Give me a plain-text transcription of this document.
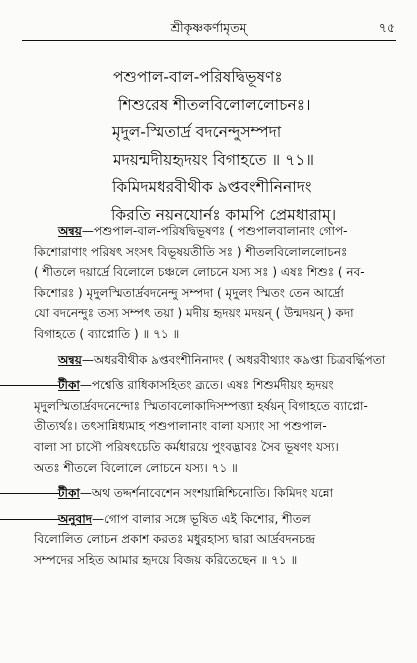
শ্রীকৃষ্ণকর্ণামৃতম্	৭৫
পশুপাল-বাল-পরিষদ্বিভূষণঃ
শিশুরেষ শীতলবিলোললোচনঃ।
মৃদুল-স্মিতার্দ্র বদনেন্দুসম্পদা
মদয়ন্মদীয়হৃদয়ং বিগাহতে ॥ ৭১॥
কিমিদমধরবীথীক ৯প্তবংশীনিনাদং
কিরতি নয়নযোর্নঃ কামপি প্রেমধারাম্।
অন্বয়—পশুপাল-বাল-পরিষদ্বিভূষণঃ ( পশুপালবালানাং গোপ-
কিশোরাণাং পরিষৎ সংসৎ বিভূষয়তীতি সঃ ) শীতলবিলোললোচনঃ
( শীতলে দয়ার্দ্রে বিলোলে চঞ্চলে লোচনে যস্য সঃ ) এষঃ শিশুঃ ( নব-
কিশোরঃ ) মৃদুলস্মিতার্দ্রবদনেন্দু সম্পদা ( মৃদুলং স্মিতং তেন আর্দ্রো
যো বদনেন্দুঃ তস্য সম্পৎ তয়া ) মদীয় হৃদয়ং মদয়ন্ ( উন্মদয়ন্ ) কদা
বিগাহতে ( ব্যাপ্নোতি ) ॥ ৭১ ॥
অন্বয়—অধরবীথীক ৯প্তবংশীনিনাদং ( অধরবীথ্যাং ক৯প্তা চিত্রবর্দ্ধিপতা
টীকা—পশ্বেত্তি রাধিকাসহিতং ব্রূতে। এষঃ শিশুর্মদীয়ং হৃদয়ং
মৃদুলস্মিতার্দ্রবদনেন্দোঃ স্মিতাবলোকাদিসম্পত্ত্যা হর্ষয়ন্ বিগাহতে ব্যাপ্নো-
তীত্যর্থঃ। তৎসান্নিধ্যমাহ পশুপালানাং বালা যস্যাং সা পশুপাল-
বালা সা চাসৌ পরিষৎচেতি কর্মধারয়ে পুংবদ্ভাবঃ সৈব ভূষণং যস্য।
অতঃ শীতলে বিলোলে লোচনে যস্য। ৭১ ॥
টীকা—অথ তদ্দর্শনাবেশেন সংশয়ান্নিশ্চিনোতি। কিমিদং যন্নো
অনুবাদ—গোপ বালার সঙ্গে ভূষিত এই কিশোর, শীতল
বিলোলিত লোচন প্রকাশ করতঃ মধুরহাস্য দ্বারা আর্দ্রবদনচন্দ্র
সম্পদের সহিত আমার হৃদয়ে বিজয় করিতেছেন ॥ ৭১ ॥
